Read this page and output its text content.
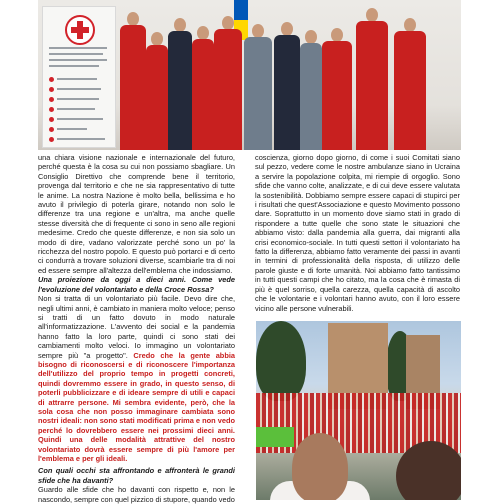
una chiara visione nazionale e internazionale del futuro, perché questa è la cosa su cui non possiamo sbagliare. Un Consiglio Direttivo che comprende bene il territorio, provenga dal territorio e che ne sia rappresentativo di tutte le anime. La nostra Nazione è molto bella, bellissima e ho avuto il privilegio di poterla girare, notando non solo le differenze tra una regione e un'altra, ma anche quelle stesse diversità che di frequente ci sono in seno alle regioni medesime. Credo che queste differenze, e non sia solo un modo di dire, vadano valorizzate perché sono un po' la ricchezza del nostro popolo. E questo può portarci e di certo ci condurrà a trovare soluzioni diverse, scambiarle tra di noi ed essere sempre all'altezza dell'emblema che indossiamo.

Una proiezione da oggi a dieci anni. Come vede l'evoluzione del volontariato e della Croce Rossa?

Non si tratta di un volontariato più facile. Devo dire che, negli ultimi anni, è cambiato in maniera molto veloce; penso si tratti di un fatto dovuto in modo naturale all'informatizzazione. L'avvento dei social e la pandemia hanno fatto la loro parte, quindi ci sono stati dei cambiamenti molto veloci. Io immagino un volontariato sempre più "a progetto". Credo che la gente abbia bisogno di riconoscersi e di riconoscere l'importanza dell'utilizzo del proprio tempo in progetti concreti, quindi dovremmo essere in grado, in questo senso, di poterli pubblicizzare e di ideare sempre di utili e capaci di attrarre persone. Mi sembra evidente, però, che la sola cosa che non posso immaginare cambiata sono nostri ideali: non sono stati modificati prima e non vedo perché lo dovrebbero essere nei prossimi dieci anni. Quindi una delle modalità attrattive del nostro volontariato dovrà essere sempre di più l'amore per l'emblema e per gli ideali.

Con quali occhi sta affrontando e affronterà le grandi sfide che ha davanti?

Guardo alle sfide che ho davanti con rispetto e, non le nascondo, sempre con quel pizzico di stupore, quando vedo

coscienza, giorno dopo giorno, di come i suoi Comitati siano sul pezzo, vedere come le nostre ambulanze siano in Ucraina a servire la popolazione colpita, mi riempie di orgoglio. Sono sfide che vanno colte, analizzate, e di cui deve essere valutata la sostenibilità. Dobbiamo sempre essere capaci di stupirci per i risultati che quest'Associazione e questo Movimento possono dare. Soprattutto in un momento dove siamo stati in grado di rispondere a tutte quelle che sono state le situazioni che abbiamo visto: dalla pandemia alla guerra, dai migranti alla crisi economico-sociale. In tutti questi settori il volontariato ha fatto la differenza, abbiamo fatto veramente dei passi in avanti in termini di professionalità della risposta, di utilizzo delle parole giuste e di forte umanità. Noi abbiamo fatto tantissimo in tutti questi campi che ho citato, ma la cosa che è rimasta di più è quel sorriso, quella carezza, quella capacità di ascolto che le volontarie e i volontari hanno avuto, con il loro essere vicino alle persone vulnerabili.
